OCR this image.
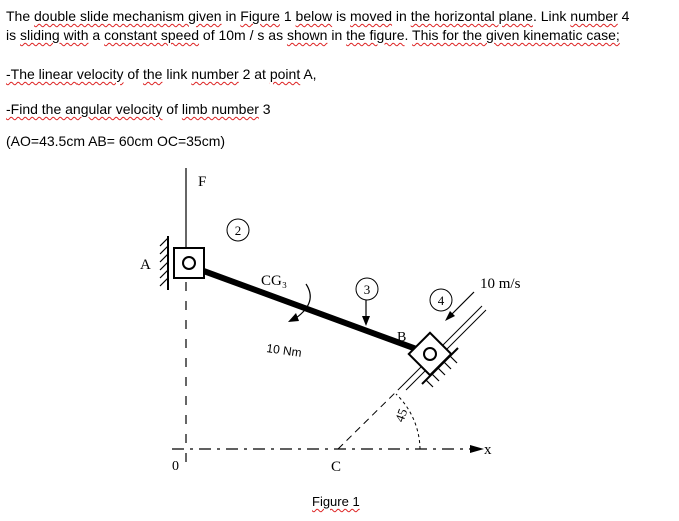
The double slide mechanism given in Figure 1 below is moved in the horizontal plane. Link number 4
is sliding with a constant speed of 10m / s as shown in the figure. This for the given kinematic case;
-The linear velocity of the link number 2 at point A,
-Find the angular velocity of limb number 3
(AO=43.5cm AB= 60cm OC=35cm)
F
A
CG₃
10 Nm
B
10 m/s
45
x
0	C
2
3
4
Figure 1
